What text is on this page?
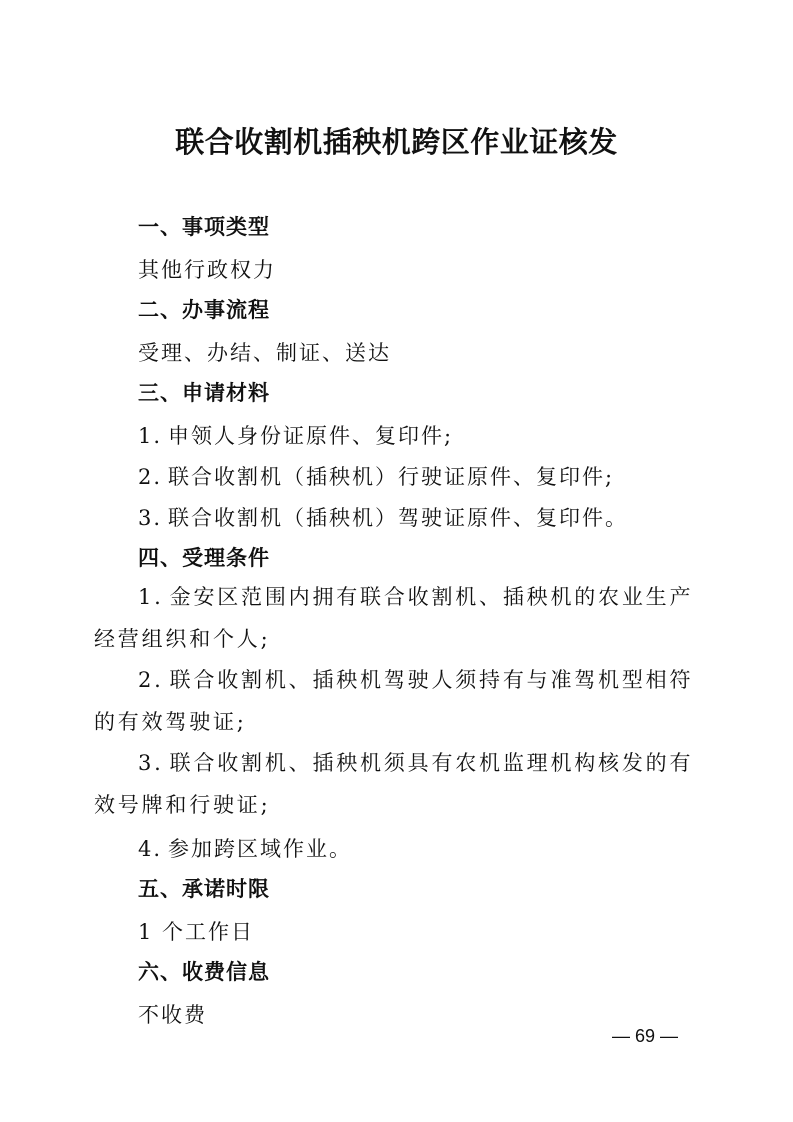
联合收割机插秧机跨区作业证核发
一、事项类型

其他行政权力

二、办事流程

受理、办结、制证、送达

三、申请材料

1. 申领人身份证原件、复印件;

2. 联合收割机（插秧机）行驶证原件、复印件;

3. 联合收割机（插秧机）驾驶证原件、复印件。

四、受理条件

1. 金安区范围内拥有联合收割机、插秧机的农业生产经营组织和个人;

2. 联合收割机、插秧机驾驶人须持有与准驾机型相符的有效驾驶证;

3. 联合收割机、插秧机须具有农机监理机构核发的有效号牌和行驶证;

4. 参加跨区域作业。

五、承诺时限

1 个工作日

六、收费信息

不收费

— 69 —
